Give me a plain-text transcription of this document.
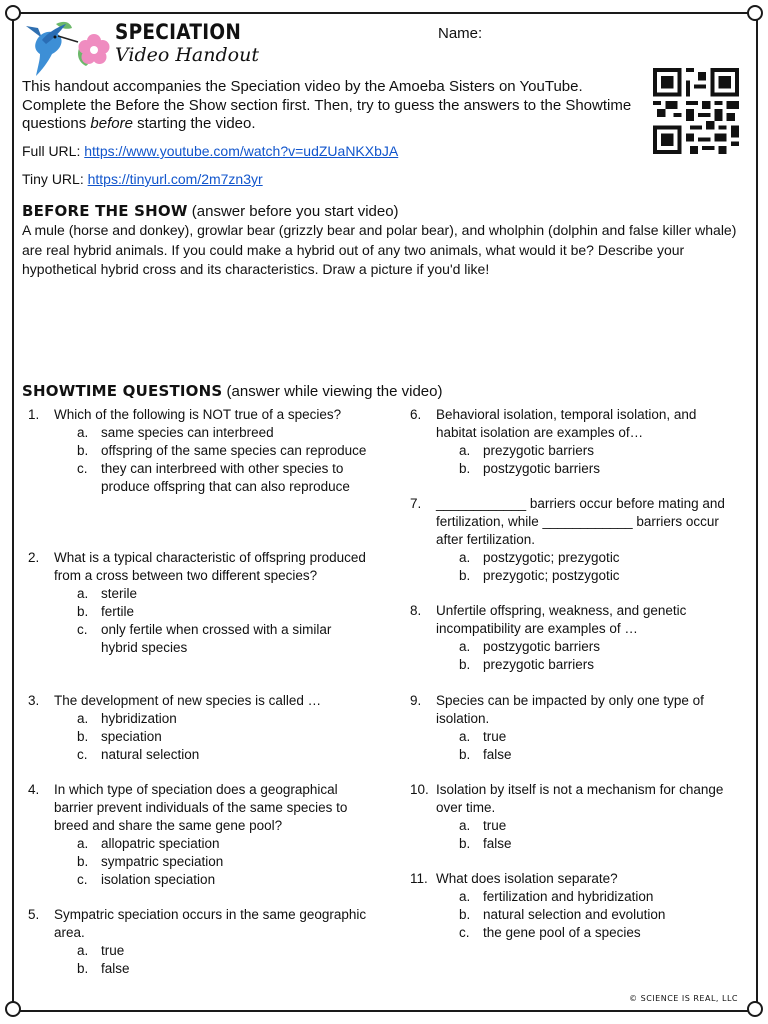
SPECIATION
Video Handout
Name:
This handout accompanies the Speciation video by the Amoeba Sisters on YouTube. Complete the Before the Show section first. Then, try to guess the answers to the Showtime questions before starting the video.
Full URL: https://www.youtube.com/watch?v=udZUaNKXbJA
Tiny URL: https://tinyurl.com/2m7zn3yr
BEFORE THE SHOW (answer before you start video)
A mule (horse and donkey), growlar bear (grizzly bear and polar bear), and wholphin (dolphin and false killer whale) are real hybrid animals. If you could make a hybrid out of any two animals, what would it be? Describe your hypothetical hybrid cross and its characteristics. Draw a picture if you'd like!
SHOWTIME QUESTIONS (answer while viewing the video)
1. Which of the following is NOT true of a species?
a. same species can interbreed
b. offspring of the same species can reproduce
c. they can interbreed with other species to produce offspring that can also reproduce
2. What is a typical characteristic of offspring produced from a cross between two different species?
a. sterile
b. fertile
c. only fertile when crossed with a similar hybrid species
3. The development of new species is called …
a. hybridization
b. speciation
c. natural selection
4. In which type of speciation does a geographical barrier prevent individuals of the same species to breed and share the same gene pool?
a. allopatric speciation
b. sympatric speciation
c. isolation speciation
5. Sympatric speciation occurs in the same geographic area.
a. true
b. false
6. Behavioral isolation, temporal isolation, and habitat isolation are examples of…
a. prezygotic barriers
b. postzygotic barriers
7. ____________ barriers occur before mating and fertilization, while ____________ barriers occur after fertilization.
a. postzygotic; prezygotic
b. prezygotic; postzygotic
8. Unfertile offspring, weakness, and genetic incompatibility are examples of …
a. postzygotic barriers
b. prezygotic barriers
9. Species can be impacted by only one type of isolation.
a. true
b. false
10. Isolation by itself is not a mechanism for change over time.
a. true
b. false
11. What does isolation separate?
a. fertilization and hybridization
b. natural selection and evolution
c. the gene pool of a species
© SCIENCE IS REAL, LLC
